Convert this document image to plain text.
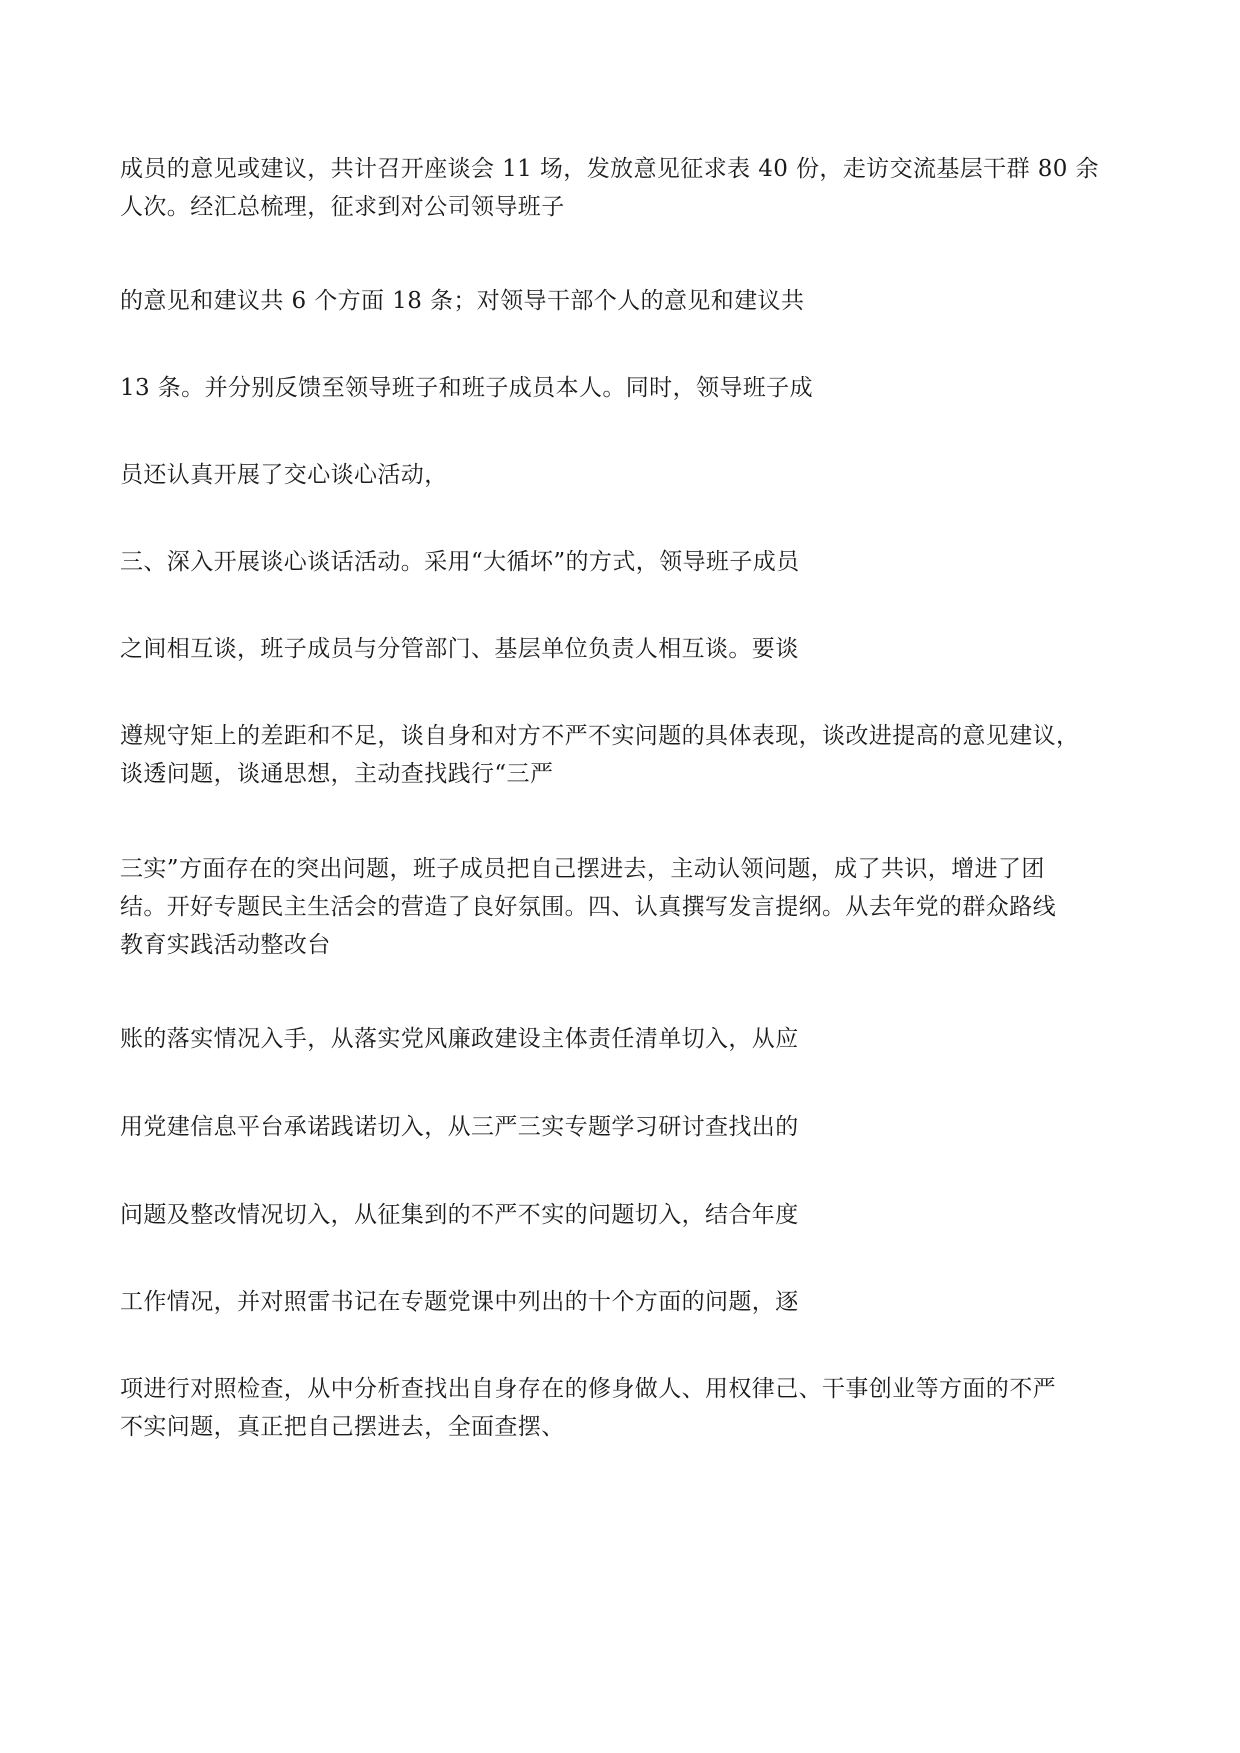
成员的意见或建议，共计召开座谈会 11 场，发放意见征求表 40 份，走访交流基层干群 80 余
人次。经汇总梳理，征求到对公司领导班子

的意见和建议共 6 个方面 18 条；对领导干部个人的意见和建议共

13 条。并分别反馈至领导班子和班子成员本人。同时，领导班子成

员还认真开展了交心谈心活动，

三、深入开展谈心谈话活动。采用“大循坏”的方式，领导班子成员

之间相互谈，班子成员与分管部门、基层单位负责人相互谈。要谈

遵规守矩上的差距和不足，谈自身和对方不严不实问题的具体表现，谈改进提高的意见建议，
谈透问题，谈通思想，主动查找践行“三严

三实”方面存在的突出问题，班子成员把自己摆进去，主动认领问题，成了共识，增进了团
结。开好专题民主生活会的营造了良好氛围。四、认真撰写发言提纲。从去年党的群众路线
教育实践活动整改台

账的落实情况入手，从落实党风廉政建设主体责任清单切入，从应

用党建信息平台承诺践诺切入，从三严三实专题学习研讨查找出的

问题及整改情况切入，从征集到的不严不实的问题切入，结合年度

工作情况，并对照雷书记在专题党课中列出的十个方面的问题，逐

项进行对照检查，从中分析查找出自身存在的修身做人、用权律己、干事创业等方面的不严
不实问题，真正把自己摆进去，全面查摆、
